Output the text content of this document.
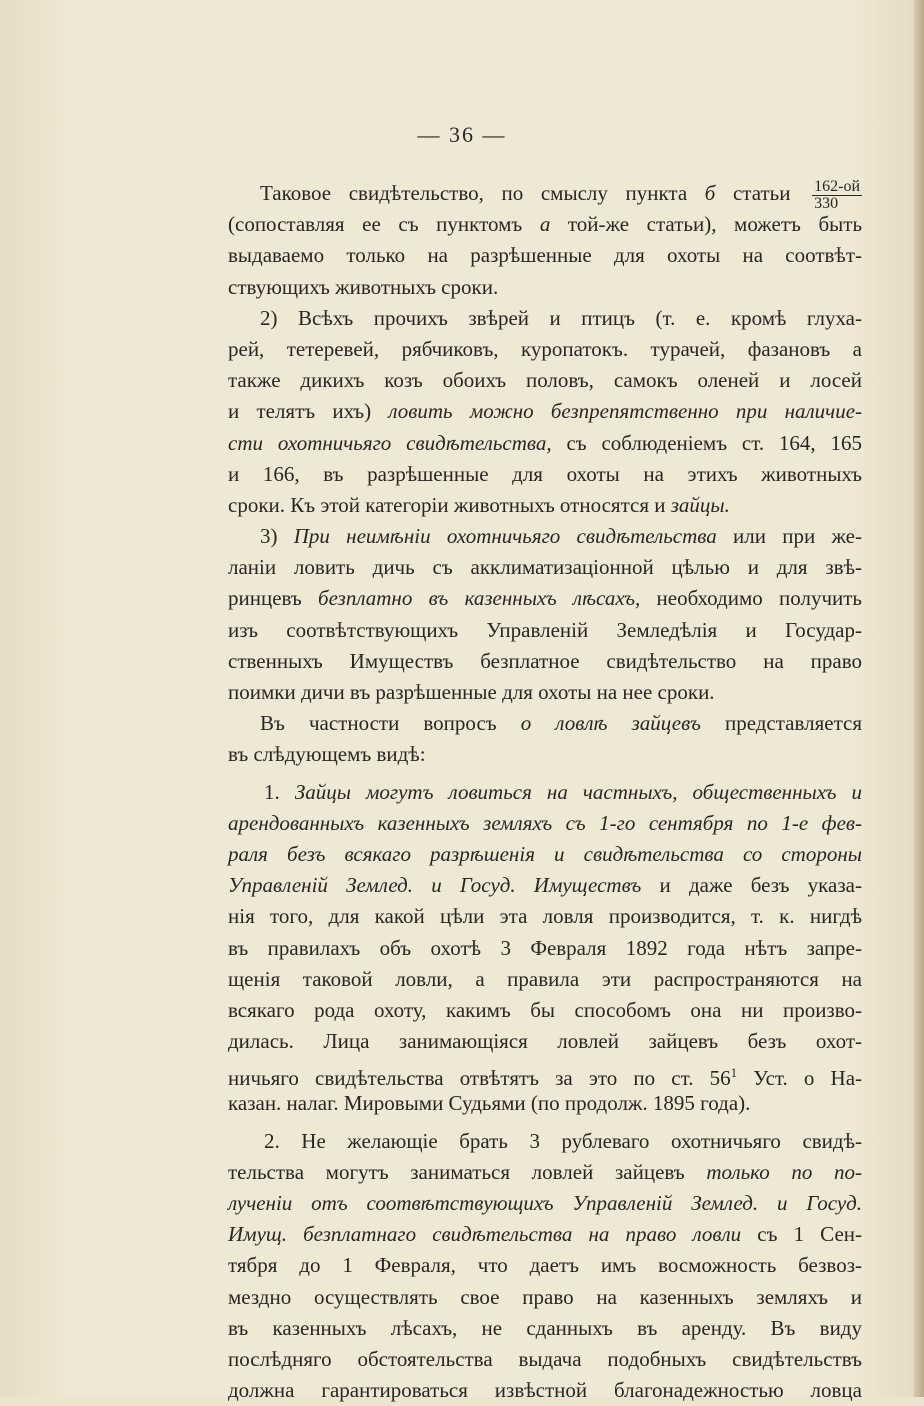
— 36 —
Таковое свидѣтельство, по смыслу пункта б статьи $\frac{162-ой}{330}$
(сопоставляя ее съ пунктомъ а той-же статьи), можетъ быть
выдаваемо только на разрѣшенные для охоты на соотвѣт-
ствующихъ животныхъ сроки.
2) Всѣхъ прочихъ звѣрей и птицъ (т. е. кромѣ глуха-
рей, тетеревей, рябчиковъ, куропатокъ. турачей, фазановъ а
также дикихъ козъ обоихъ половъ, самокъ оленей и лосей
и телятъ ихъ) ловить можно безпрепятственно при наличие-
сти охотничьяго свидѣтельства, съ соблюденіемъ ст. 164, 165
и 166, въ разрѣшенные для охоты на этихъ животныхъ
сроки. Къ этой категоріи животныхъ относятся и зайцы.
3) При неимѣніи охотничьяго свидѣтельства или при же-
ланіи ловить дичь съ акклиматизаціонной цѣлью и для звѣ-
ринцевъ безплатно въ казенныхъ лѣсахъ, необходимо получить
изъ соотвѣтствующихъ Управленій Земледѣлія и Государ-
ственныхъ Имуществъ безплатное свидѣтельство на право
поимки дичи въ разрѣшенные для охоты на нее сроки.
Въ частности вопросъ о ловлѣ зайцевъ представляется
въ слѣдующемъ видѣ:
1. Зайцы могутъ ловиться на частныхъ, общественныхъ и
арендованныхъ казенныхъ земляхъ съ 1-го сентября по 1-е фев-
раля безъ всякаго разрѣшенія и свидѣтельства со стороны
Управленій Землед. и Госуд. Имуществъ и даже безъ указа-
нія того, для какой цѣли эта ловля производится, т. к. нигдѣ
въ правилахъ объ охотѣ 3 Февраля 1892 года нѣтъ запре-
щенія таковой ловли, а правила эти распространяются на
всякаго рода охоту, какимъ бы способомъ она ни произво-
дилась. Лица занимающіяся ловлей зайцевъ безъ охот-
ничьяго свидѣтельства отвѣтятъ за это по ст. $56^1$ Уст. о На-
казан. налаг. Мировыми Судьями (по продолж. 1895 года).
2. Не желающіе брать 3 рублеваго охотничьяго свидѣ-
тельства могутъ заниматься ловлей зайцевъ только по по-
лученіи отъ соотвѣтствующихъ Управленій Землед. и Госуд.
Имущ. безплатнаго свидѣтельства на право ловли съ 1 Сен-
тября до 1 Февраля, что даетъ имъ восможность безвоз-
мездно осуществлять свое право на казенныхъ земляхъ и
въ казенныхъ лѣсахъ, не сданныхъ въ аренду. Въ виду
послѣдняго обстоятельства выдача подобныхъ свидѣтельствъ
должна гарантироваться извѣстной благонадежностью ловца
